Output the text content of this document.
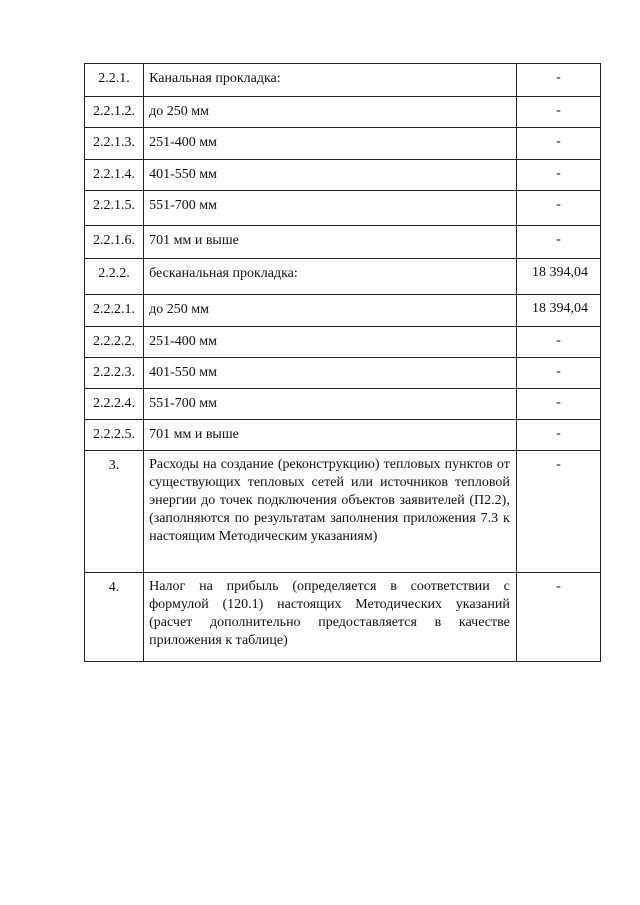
2.2.1.	Канальная прокладка:	-
2.2.1.2.	до 250 мм	-
2.2.1.3.	251-400 мм	-
2.2.1.4.	401-550 мм	-
2.2.1.5.	551-700 мм	-
2.2.1.6.	701 мм и выше	-
2.2.2.	бесканальная прокладка:	18 394,04
2.2.2.1.	до 250 мм	18 394,04
2.2.2.2.	251-400 мм	-
2.2.2.3.	401-550 мм	-
2.2.2.4.	551-700 мм	-
2.2.2.5.	701 мм и выше	-
3.	Расходы на создание (реконструкцию) тепловых пунктов от существующих тепловых сетей или источников тепловой энергии до точек подключения объектов заявителей (П2.2), (заполняются по результатам заполнения приложения 7.3 к настоящим Методическим указаниям)	-
4.	Налог на прибыль (определяется в соответствии с формулой (120.1) настоящих Методических указаний (расчет дополнительно предоставляется в качестве приложения к таблице)	-
